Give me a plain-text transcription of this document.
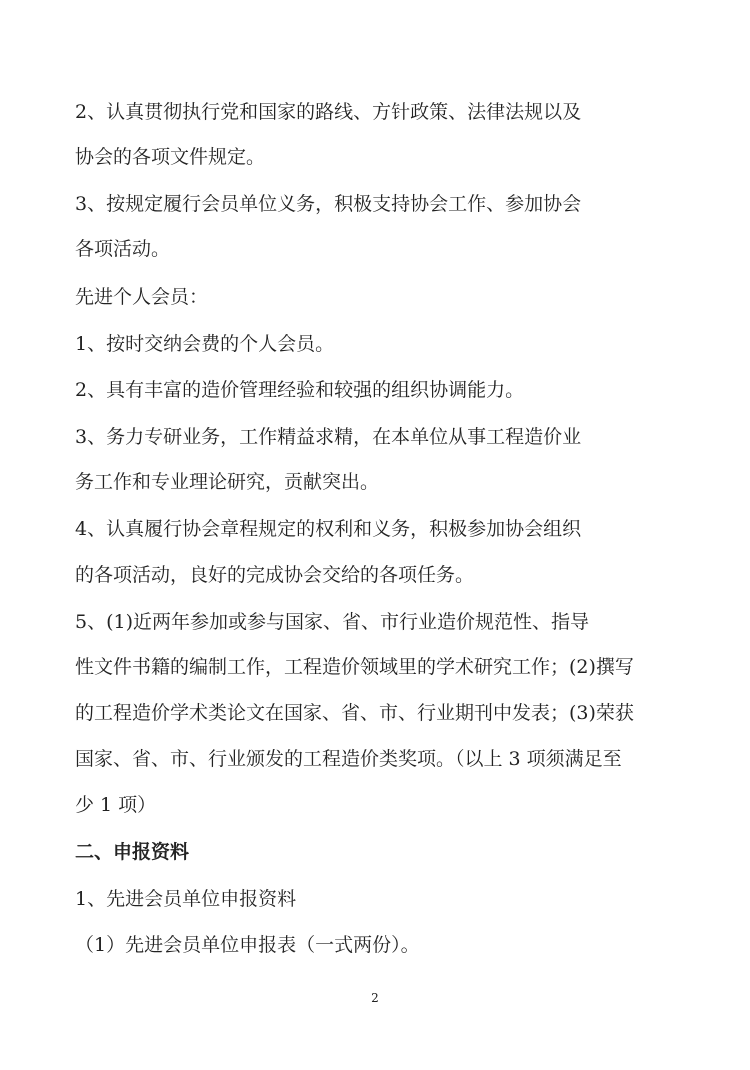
2、认真贯彻执行党和国家的路线、方针政策、法律法规以及
协会的各项文件规定。
3、按规定履行会员单位义务，积极支持协会工作、参加协会
各项活动。
先进个人会员：
1、按时交纳会费的个人会员。
2、具有丰富的造价管理经验和较强的组织协调能力。
3、务力专研业务，工作精益求精，在本单位从事工程造价业
务工作和专业理论研究，贡献突出。
4、认真履行协会章程规定的权利和义务，积极参加协会组织
的各项活动，良好的完成协会交给的各项任务。
5、(1)近两年参加或参与国家、省、市行业造价规范性、指导
性文件书籍的编制工作，工程造价领域里的学术研究工作；(2)撰写
的工程造价学术类论文在国家、省、市、行业期刊中发表；(3)荣获
国家、省、市、行业颁发的工程造价类奖项。（以上 3 项须满足至
少 1 项）
二、申报资料
1、先进会员单位申报资料
（1）先进会员单位申报表（一式两份）。
2
